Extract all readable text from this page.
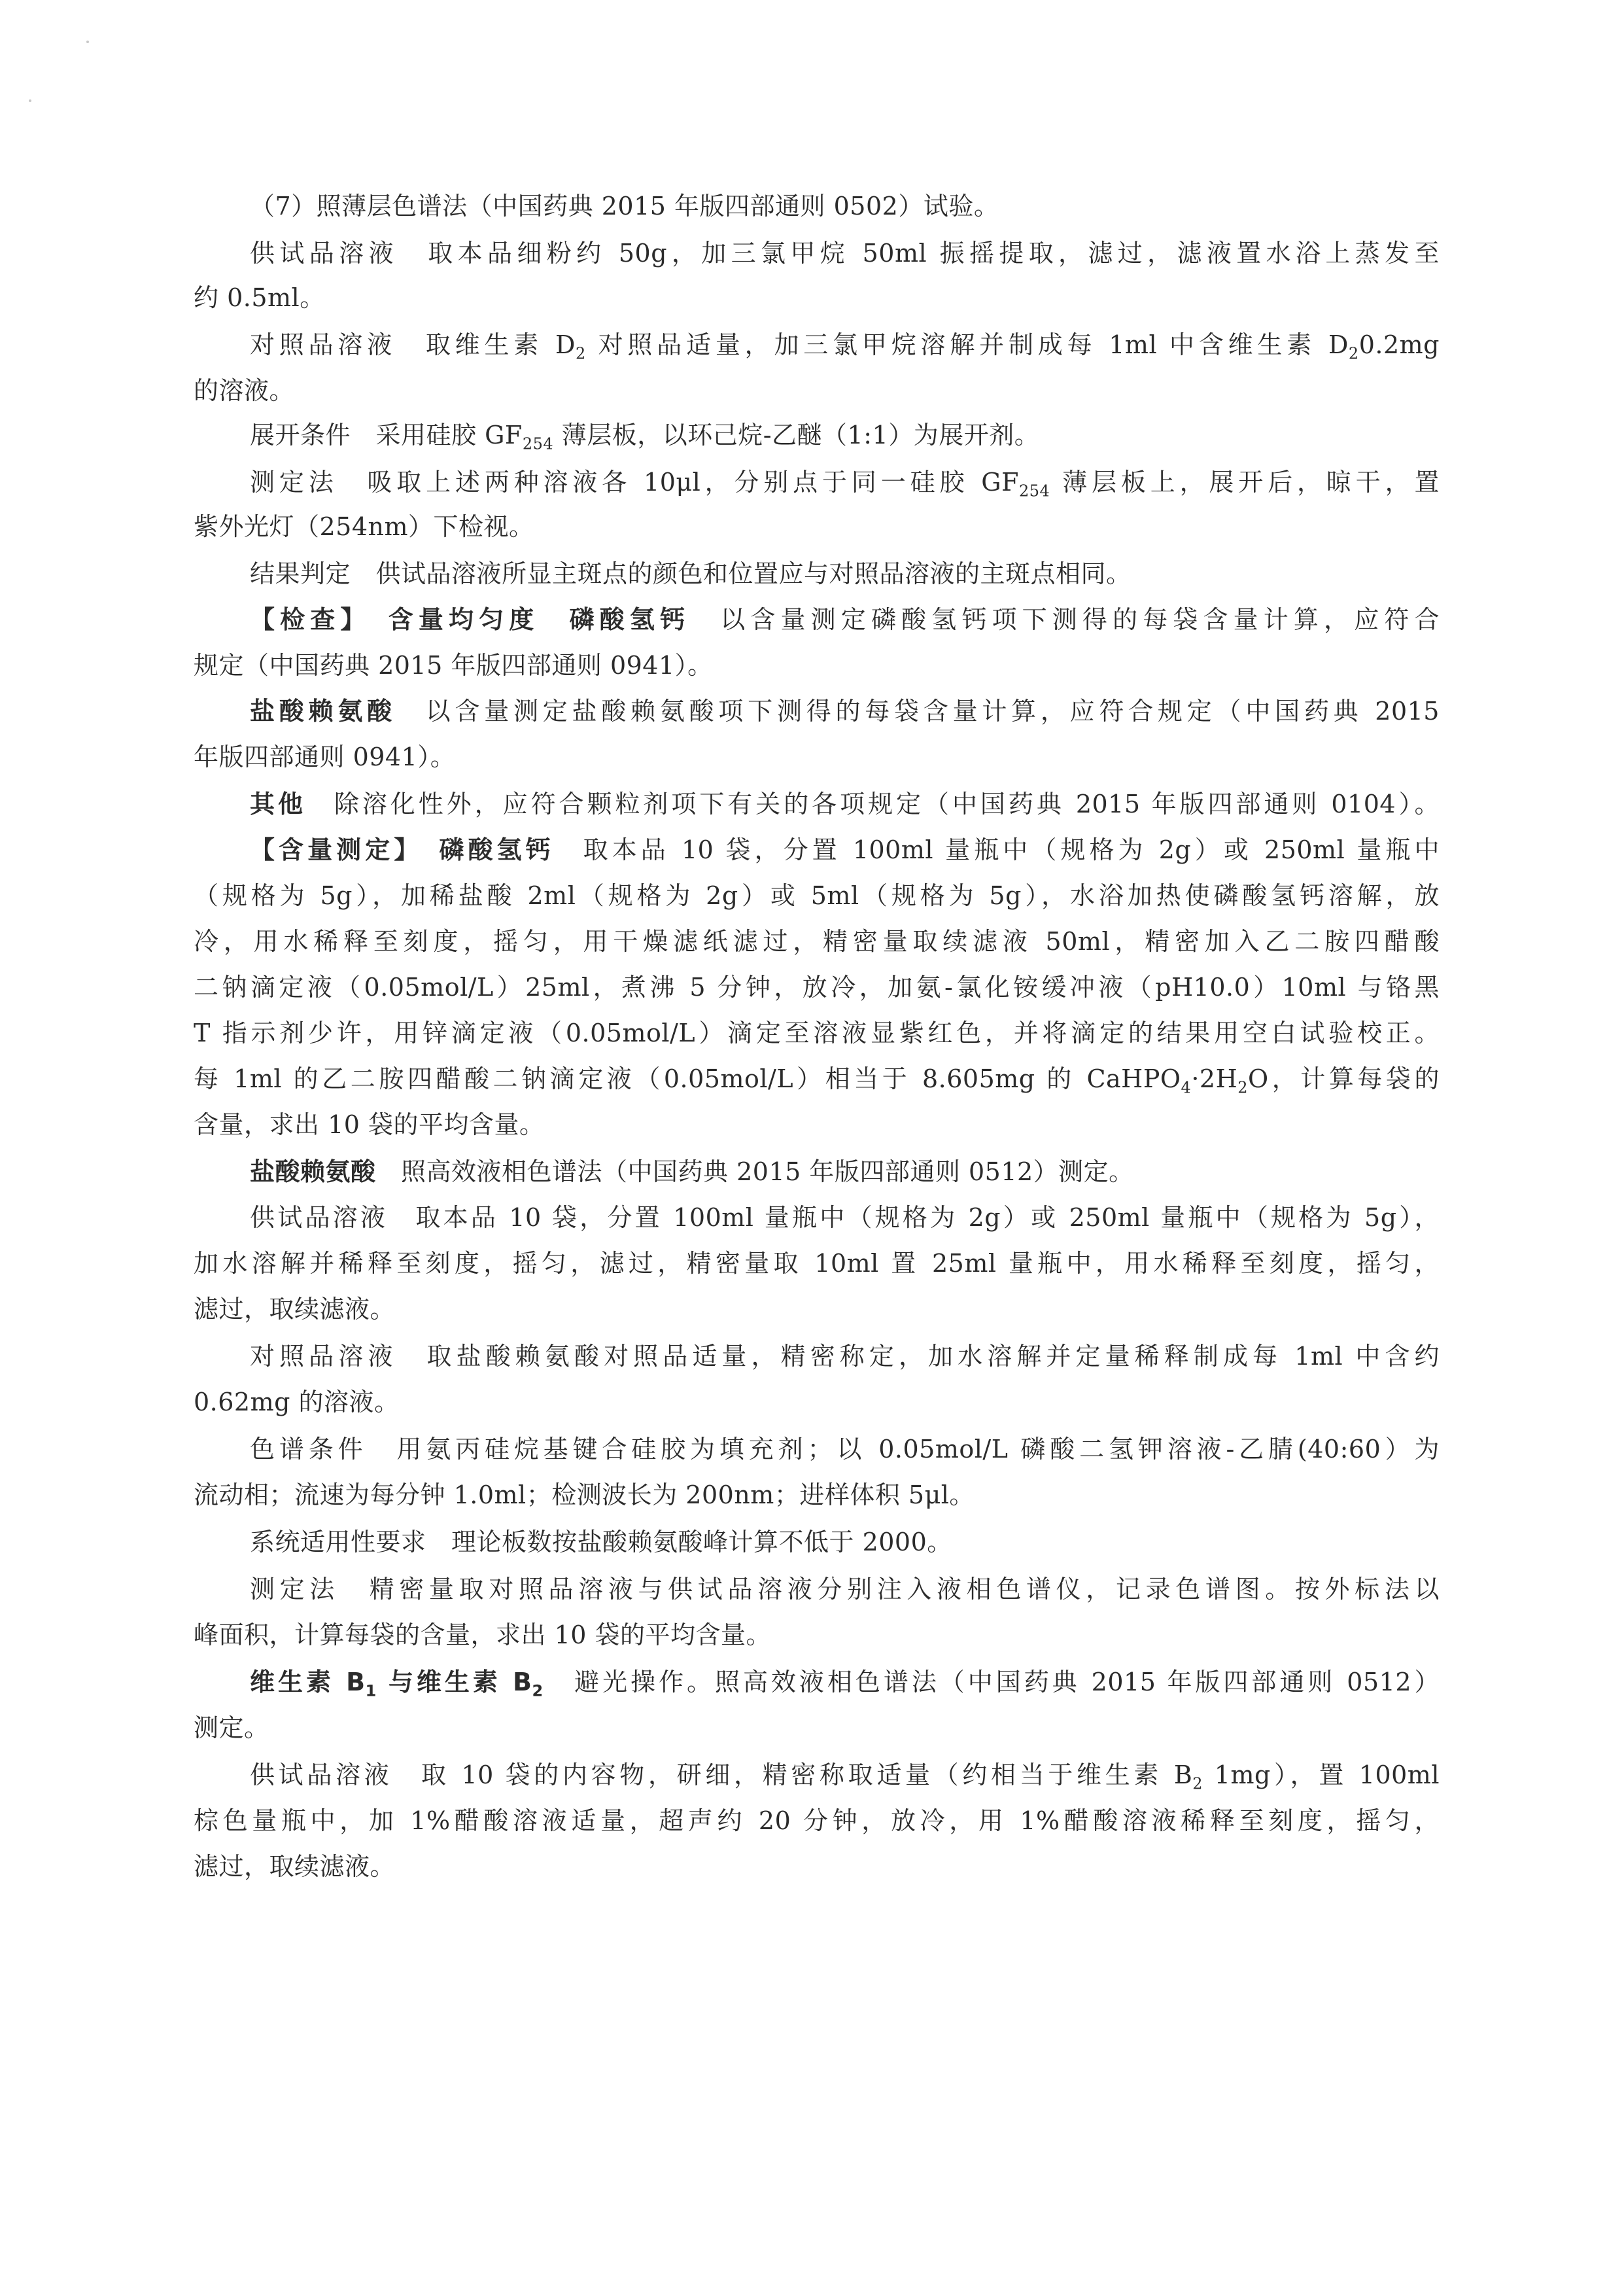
（7）照薄层色谱法（中国药典 2015 年版四部通则 0502）试验。
供试品溶液　取本品细粉约 50g，加三氯甲烷 50ml 振摇提取，滤过，滤液置水浴上蒸发至
约 0.5ml。
对照品溶液　取维生素 $D_2$ 对照品适量，加三氯甲烷溶解并制成每 1ml 中含维生素 $D_20.2mg$
的溶液。
展开条件　采用硅胶 $GF_{254}$ 薄层板，以环己烷-乙醚（1:1）为展开剂。
测定法　吸取上述两种溶液各 10μl，分别点于同一硅胶 $GF_{254}$ 薄层板上，展开后，晾干，置
紫外光灯（254nm）下检视。
结果判定　供试品溶液所显主斑点的颜色和位置应与对照品溶液的主斑点相同。
【检查】　含量均匀度　磷酸氢钙　以含量测定磷酸氢钙项下测得的每袋含量计算，应符合
规定（中国药典 2015 年版四部通则 0941）。
盐酸赖氨酸　以含量测定盐酸赖氨酸项下测得的每袋含量计算，应符合规定（中国药典 2015
年版四部通则 0941）。
其他　除溶化性外，应符合颗粒剂项下有关的各项规定（中国药典 2015 年版四部通则 0104）。
【含量测定】　磷酸氢钙　取本品 10 袋，分置 100ml 量瓶中（规格为 2g）或 250ml 量瓶中
（规格为 5g），加稀盐酸 2ml（规格为 2g）或 5ml（规格为 5g），水浴加热使磷酸氢钙溶解，放
冷，用水稀释至刻度，摇匀，用干燥滤纸滤过，精密量取续滤液 50ml，精密加入乙二胺四醋酸
二钠滴定液（0.05mol/L）25ml，煮沸 5 分钟，放冷，加氨-氯化铵缓冲液（pH10.0）10ml 与铬黑
T 指示剂少许，用锌滴定液（0.05mol/L）滴定至溶液显紫红色，并将滴定的结果用空白试验校正。
每 1ml 的乙二胺四醋酸二钠滴定液（0.05mol/L）相当于 8.605mg 的 $CaHPO_4\cdot 2H_2O$，计算每袋的
含量，求出 10 袋的平均含量。
盐酸赖氨酸　照高效液相色谱法（中国药典 2015 年版四部通则 0512）测定。
供试品溶液　取本品 10 袋，分置 100ml 量瓶中（规格为 2g）或 250ml 量瓶中（规格为 5g），
加水溶解并稀释至刻度，摇匀，滤过，精密量取 10ml 置 25ml 量瓶中，用水稀释至刻度，摇匀，
滤过，取续滤液。
对照品溶液　取盐酸赖氨酸对照品适量，精密称定，加水溶解并定量稀释制成每 1ml 中含约
0.62mg 的溶液。
色谱条件　用氨丙硅烷基键合硅胶为填充剂；以 0.05mol/L 磷酸二氢钾溶液-乙腈(40:60）为
流动相；流速为每分钟 1.0ml；检测波长为 200nm；进样体积 5μl。
系统适用性要求　理论板数按盐酸赖氨酸峰计算不低于 2000。
测定法　精密量取对照品溶液与供试品溶液分别注入液相色谱仪，记录色谱图。按外标法以
峰面积，计算每袋的含量，求出 10 袋的平均含量。
维生素 $B_1$ 与维生素 $B_2$　避光操作。照高效液相色谱法（中国药典 2015 年版四部通则 0512）
测定。
供试品溶液　取 10 袋的内容物，研细，精密称取适量（约相当于维生素 $B_2$ 1mg），置 100ml
棕色量瓶中，加 1%醋酸溶液适量，超声约 20 分钟，放冷，用 1%醋酸溶液稀释至刻度，摇匀，
滤过，取续滤液。
